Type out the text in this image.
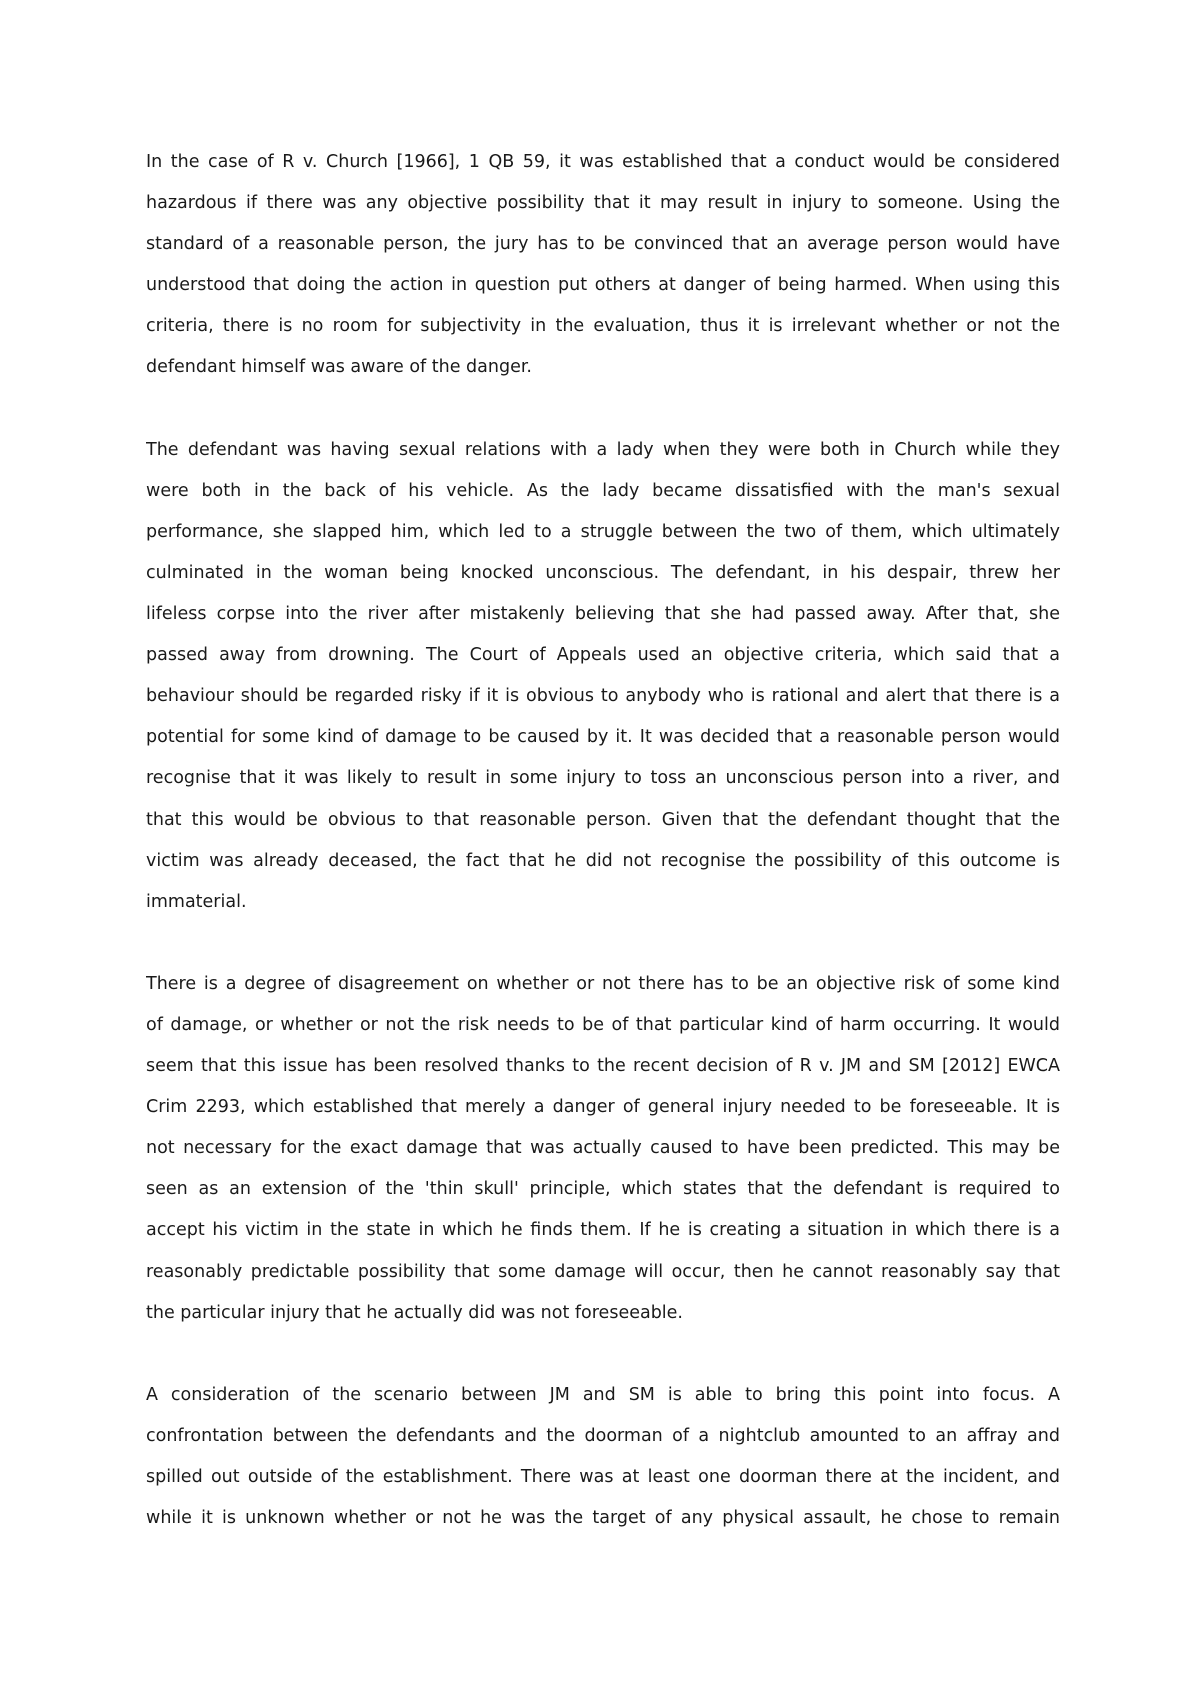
In the case of R v. Church [1966], 1 QB 59, it was established that a conduct would be considered
hazardous if there was any objective possibility that it may result in injury to someone. Using the
standard of a reasonable person, the jury has to be convinced that an average person would have
understood that doing the action in question put others at danger of being harmed. When using this
criteria, there is no room for subjectivity in the evaluation, thus it is irrelevant whether or not the
defendant himself was aware of the danger.
The defendant was having sexual relations with a lady when they were both in Church while they
were both in the back of his vehicle. As the lady became dissatisfied with the man's sexual
performance, she slapped him, which led to a struggle between the two of them, which ultimately
culminated in the woman being knocked unconscious. The defendant, in his despair, threw her
lifeless corpse into the river after mistakenly believing that she had passed away. After that, she
passed away from drowning. The Court of Appeals used an objective criteria, which said that a
behaviour should be regarded risky if it is obvious to anybody who is rational and alert that there is a
potential for some kind of damage to be caused by it. It was decided that a reasonable person would
recognise that it was likely to result in some injury to toss an unconscious person into a river, and
that this would be obvious to that reasonable person. Given that the defendant thought that the
victim was already deceased, the fact that he did not recognise the possibility of this outcome is
immaterial.
There is a degree of disagreement on whether or not there has to be an objective risk of some kind
of damage, or whether or not the risk needs to be of that particular kind of harm occurring. It would
seem that this issue has been resolved thanks to the recent decision of R v. JM and SM [2012] EWCA
Crim 2293, which established that merely a danger of general injury needed to be foreseeable. It is
not necessary for the exact damage that was actually caused to have been predicted. This may be
seen as an extension of the 'thin skull' principle, which states that the defendant is required to
accept his victim in the state in which he finds them. If he is creating a situation in which there is a
reasonably predictable possibility that some damage will occur, then he cannot reasonably say that
the particular injury that he actually did was not foreseeable.
A consideration of the scenario between JM and SM is able to bring this point into focus. A
confrontation between the defendants and the doorman of a nightclub amounted to an affray and
spilled out outside of the establishment. There was at least one doorman there at the incident, and
while it is unknown whether or not he was the target of any physical assault, he chose to remain
